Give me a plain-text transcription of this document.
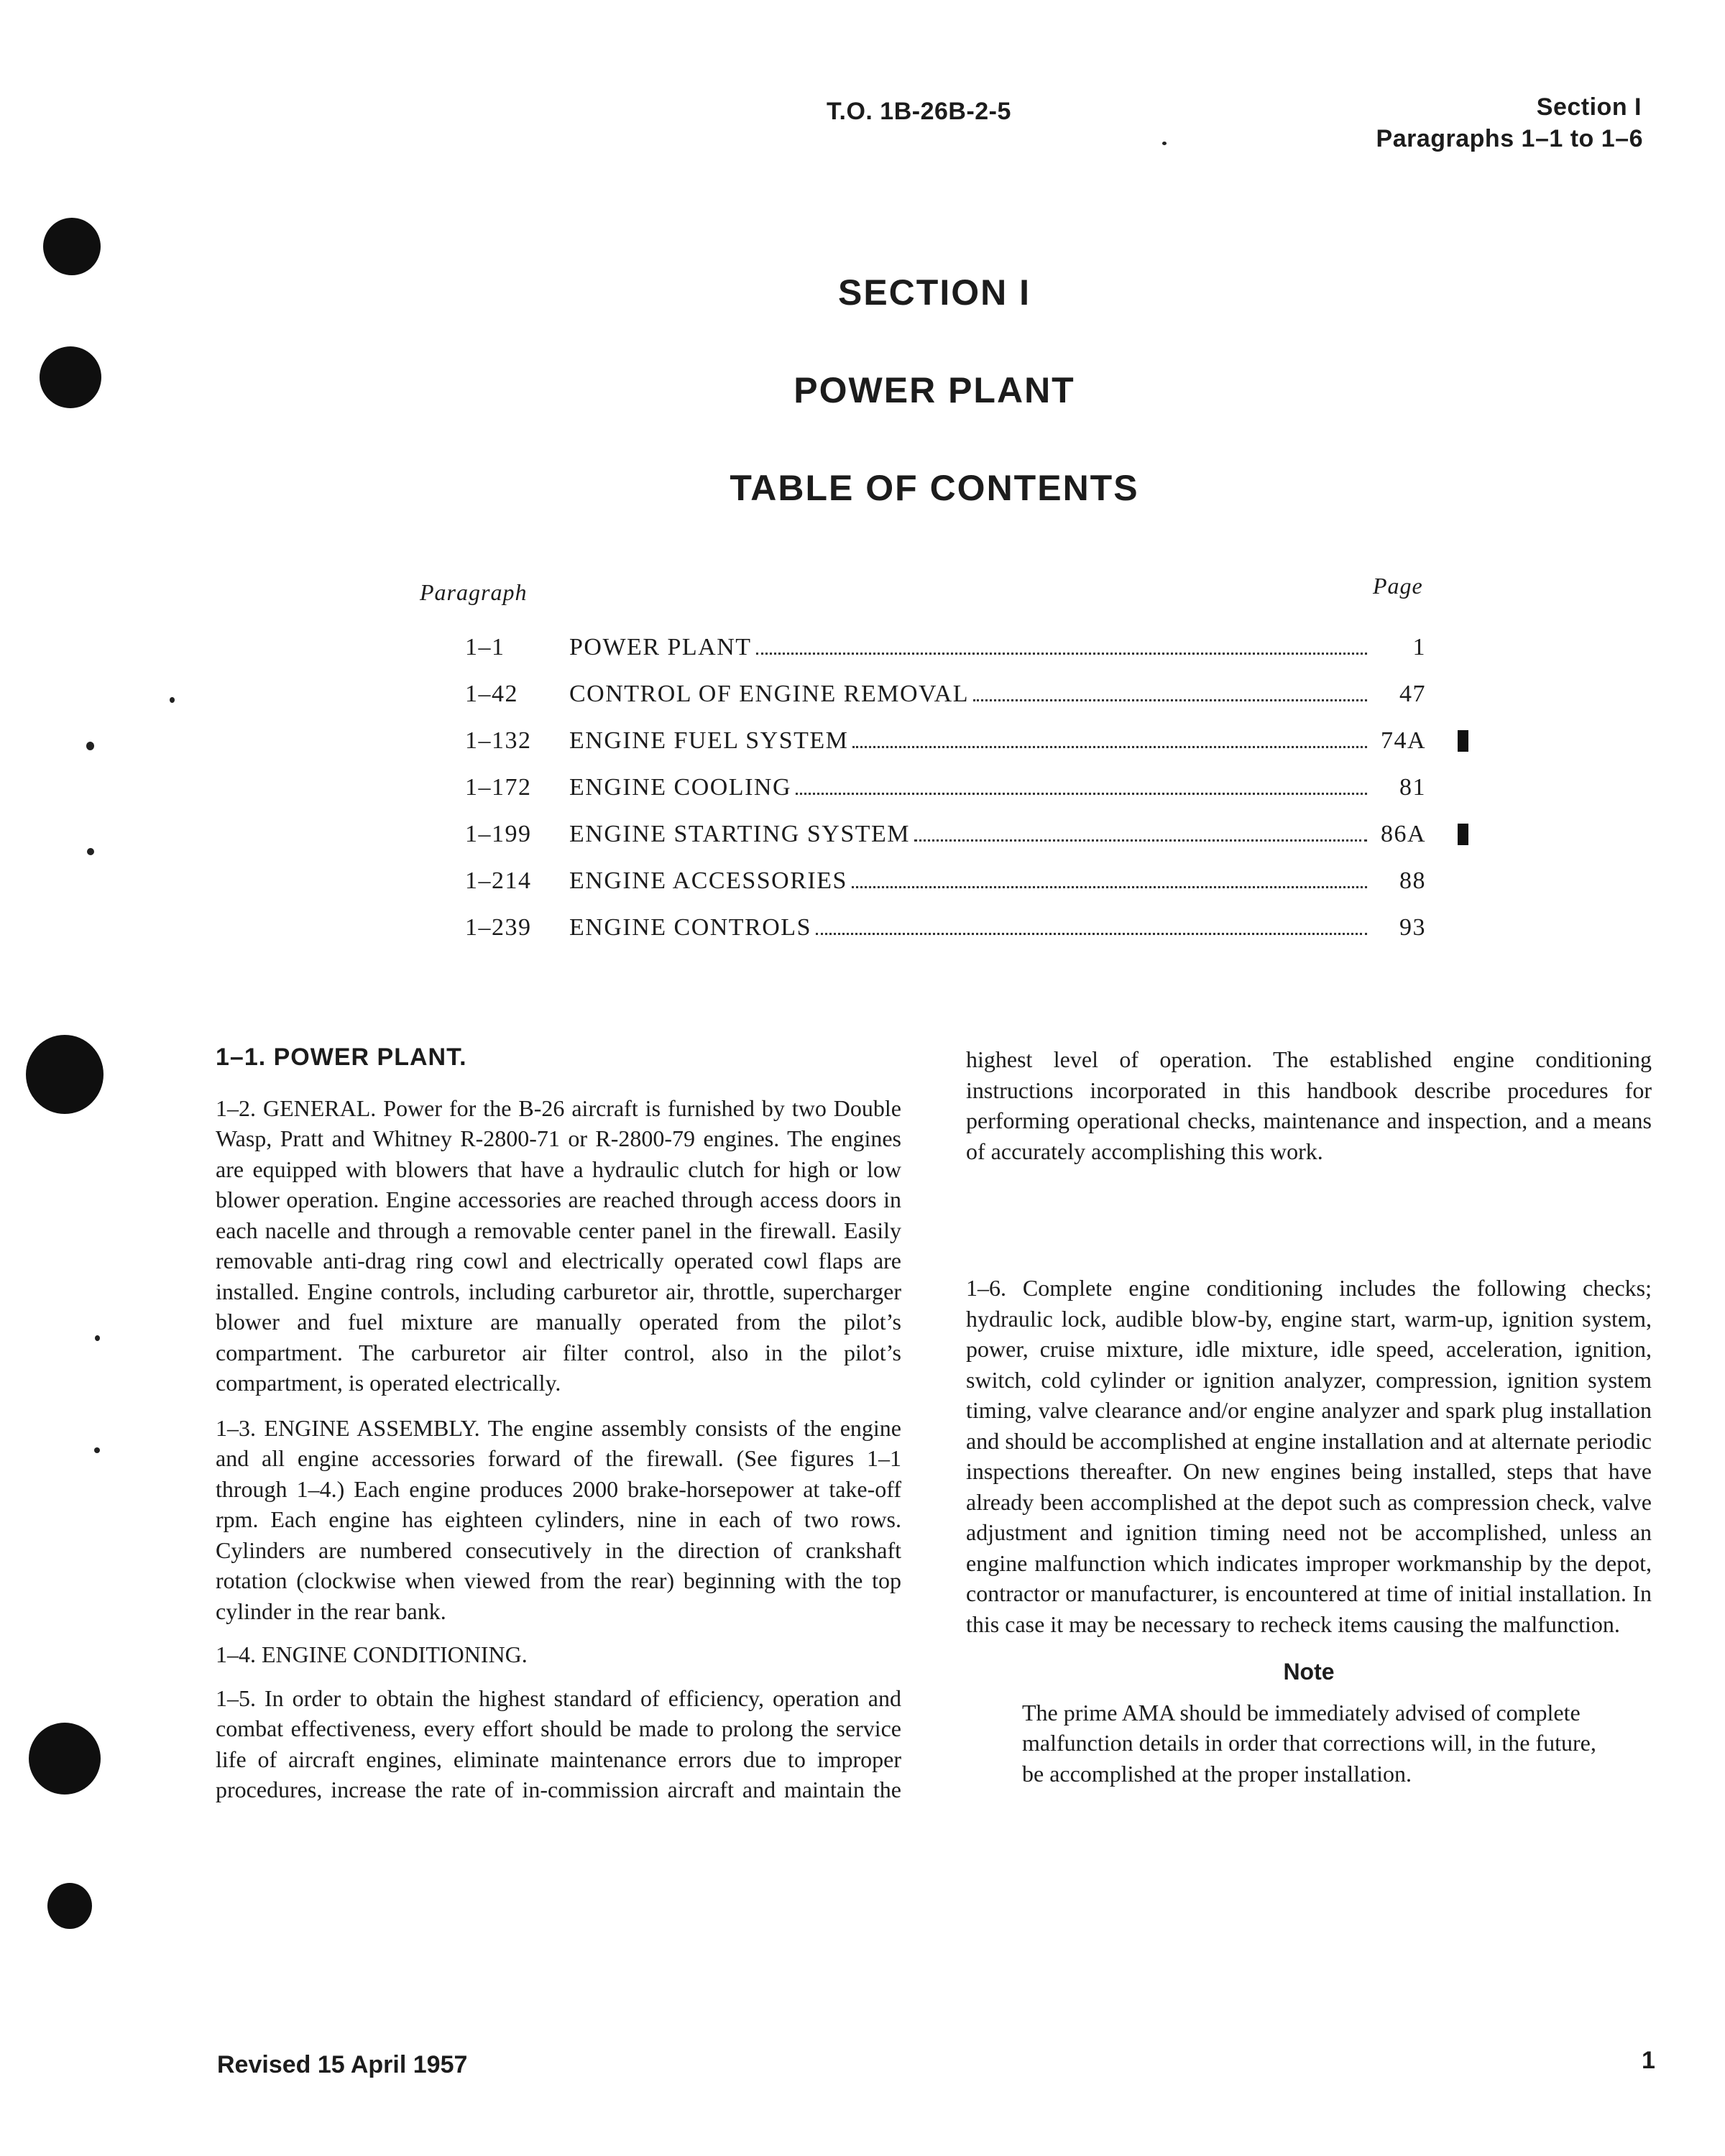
T.O. 1B-26B-2-5	Section I
Paragraphs 1–1 to 1–6
SECTION I
POWER PLANT
TABLE OF CONTENTS
Paragraph	Page
1–1	POWER PLANT	1
1–42 CONTROL OF ENGINE REMOVAL	47
1–132 ENGINE FUEL SYSTEM	74A
1–172 ENGINE COOLING	81
1–199 ENGINE STARTING SYSTEM	86A
1–214 ENGINE ACCESSORIES	88
1–239 ENGINE CONTROLS	93

1–1. POWER PLANT.

1–2. GENERAL. Power for the B-26 aircraft is furnished by two Double Wasp, Pratt and Whitney R-2800-71 or R-2800-79 engines. The engines are equipped with blowers that have a hydraulic clutch for high or low blower operation. Engine accessories are reached through access doors in each nacelle and through a removable center panel in the firewall. Easily removable anti-drag ring cowl and electrically operated cowl flaps are installed. Engine controls, including carburetor air, throttle, supercharger blower and fuel mixture are manually operated from the pilot’s compartment. The carburetor air filter control, also in the pilot’s compartment, is operated electrically.

1–3. ENGINE ASSEMBLY. The engine assembly consists of the engine and all engine accessories forward of the firewall. (See figures 1–1 through 1–4.) Each engine produces 2000 brake-horsepower at take-off rpm. Each engine has eighteen cylinders, nine in each of two rows. Cylinders are numbered consecutively in the direction of crankshaft rotation (clockwise when viewed from the rear) beginning with the top cylinder in the rear bank.

1–4. ENGINE CONDITIONING.

1–5. In order to obtain the highest standard of efficiency, operation and combat effectiveness, every effort should be made to prolong the service life of aircraft engines, eliminate maintenance errors due to improper procedures, increase the rate of in-commission aircraft and maintain the

highest level of operation. The established engine conditioning instructions incorporated in this handbook describe procedures for performing operational checks, maintenance and inspection, and a means of accurately accomplishing this work.

1–6. Complete engine conditioning includes the following checks; hydraulic lock, audible blow-by, engine start, warm-up, ignition system, power, cruise mixture, idle mixture, idle speed, acceleration, ignition, switch, cold cylinder or ignition analyzer, compression, ignition system timing, valve clearance and/or engine analyzer and spark plug installation and should be accomplished at engine installation and at alternate periodic inspections thereafter. On new engines being installed, steps that have already been accomplished at the depot such as compression check, valve adjustment and ignition timing need not be accomplished, unless an engine malfunction which indicates improper workmanship by the depot, contractor or manufacturer, is encountered at time of initial installation. In this case it may be necessary to recheck items causing the malfunction.

Note
The prime AMA should be immediately advised of complete malfunction details in order that corrections will, in the future, be accomplished at the proper installation.
Revised 15 April 1957	1
